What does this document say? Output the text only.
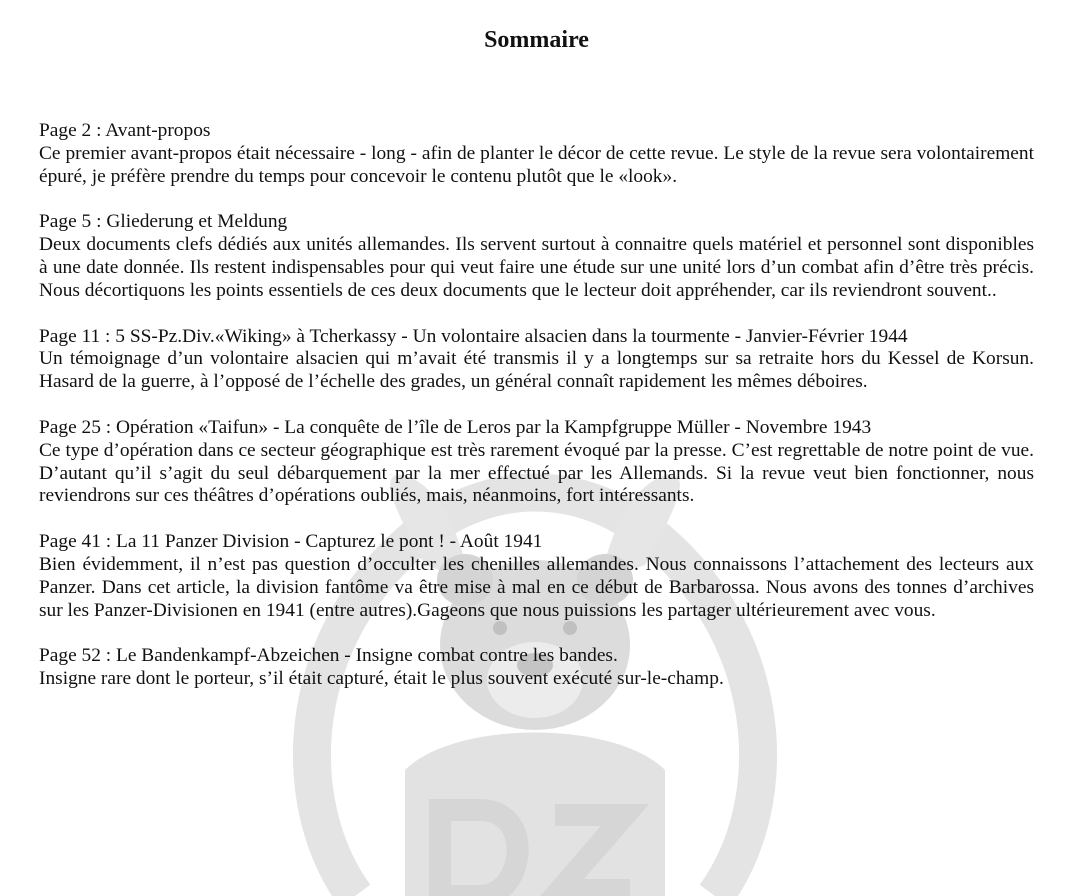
Sommaire
Page 2 : Avant-propos
Ce premier avant-propos était nécessaire - long - afin de planter le décor de cette revue. Le style de la revue sera volontairement épuré, je préfère prendre du temps pour concevoir le contenu plutôt que le «look».
Page 5 : Gliederung et Meldung
Deux documents clefs dédiés aux unités allemandes. Ils servent surtout à connaitre quels matériel et personnel sont disponibles à une date donnée. Ils restent indispensables pour qui veut faire une étude sur une unité lors d’un combat afin d’être très précis. Nous décortiquons les points essentiels de ces deux documents que le lecteur doit appréhender, car ils reviendront souvent..
Page 11 : 5 SS-Pz.Div.«Wiking» à Tcherkassy - Un volontaire alsacien dans la tourmente - Janvier-Février 1944
Un témoignage d’un volontaire alsacien qui m’avait été transmis il y a longtemps sur sa retraite hors du Kessel de Korsun. Hasard de la guerre, à l’opposé de l’échelle des grades, un général connaît rapidement les mêmes déboires.
Page 25 : Opération «Taifun» - La conquête de l’île de Leros par la Kampfgruppe Müller - Novembre 1943
Ce type d’opération dans ce secteur géographique est très rarement évoqué par la presse. C’est regrettable de notre point de vue. D’autant qu’il s’agit du seul débarquement par la mer effectué par les Allemands. Si la revue veut bien fonctionner, nous reviendrons sur ces théâtres d’opérations oubliés, mais, néanmoins, fort intéressants.
Page 41 : La 11 Panzer Division - Capturez le pont ! - Août 1941
Bien évidemment, il n’est pas question d’occulter les chenilles allemandes. Nous connaissons l’attachement des lecteurs aux Panzer. Dans cet article, la division fantôme va être mise à mal en ce début de Barbarossa. Nous avons des tonnes d’archives sur les Panzer-Divisionen en 1941 (entre autres).Gageons que nous puissions les partager ultérieurement avec vous.
Page 52 : Le Bandenkampf-Abzeichen - Insigne combat contre les bandes.
Insigne rare dont le porteur, s’il était capturé, était le plus souvent exécuté sur-le-champ.
